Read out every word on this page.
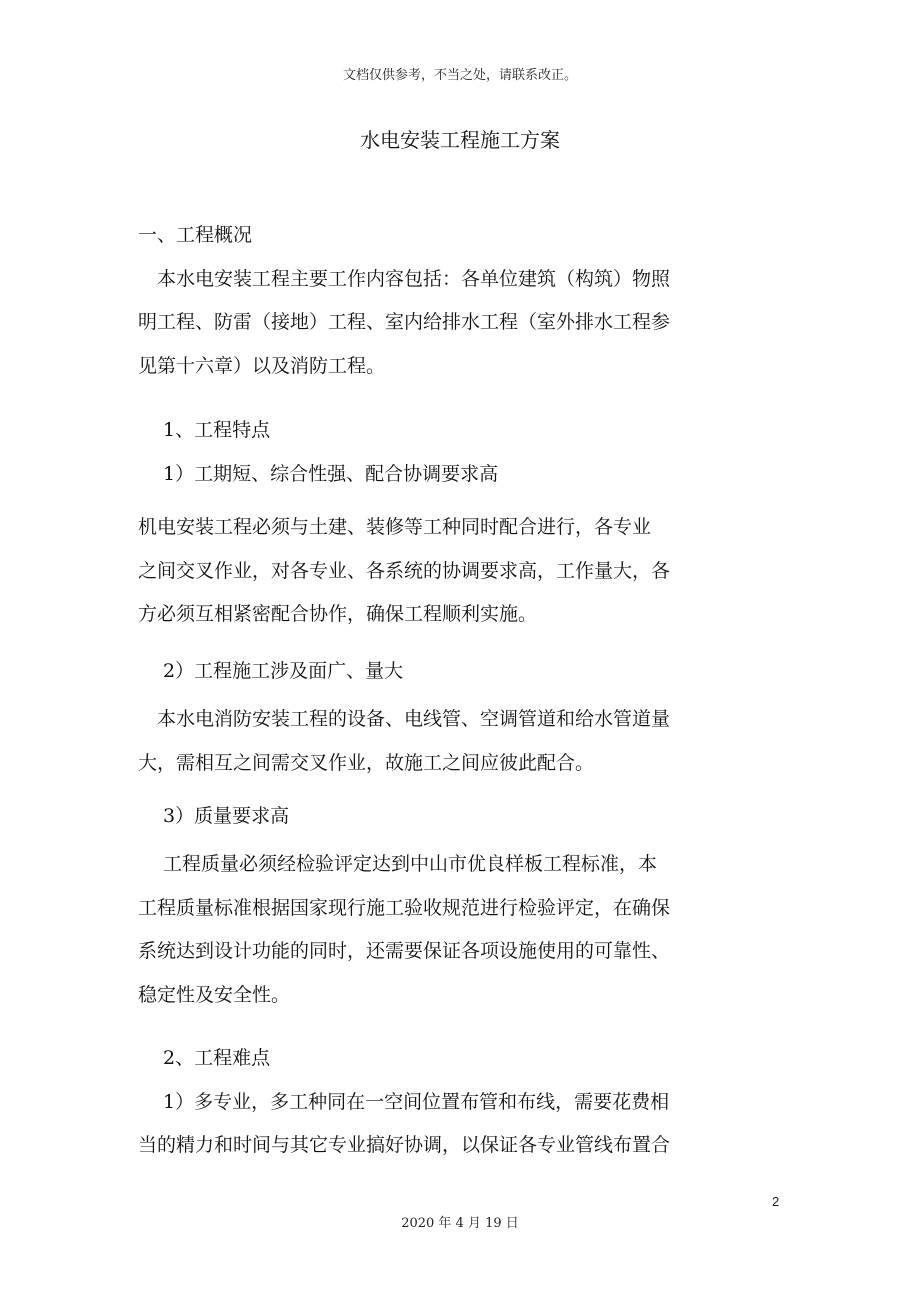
文档仅供参考，不当之处，请联系改正。
水电安装工程施工方案
一、工程概况
　本水电安装工程主要工作内容包括：各单位建筑（构筑）物照
明工程、防雷（接地）工程、室内给排水工程（室外排水工程参
见第十六章）以及消防工程。
　 1、工程特点
　 1）工期短、综合性强、配合协调要求高
机电安装工程必须与土建、装修等工种同时配合进行，各专业
之间交叉作业，对各专业、各系统的协调要求高，工作量大，各
方必须互相紧密配合协作，确保工程顺利实施。
　 2）工程施工涉及面广、量大
　本水电消防安装工程的设备、电线管、空调管道和给水管道量
大，需相互之间需交叉作业，故施工之间应彼此配合。
　 3）质量要求高
　 工程质量必须经检验评定达到中山市优良样板工程标准，本
工程质量标准根据国家现行施工验收规范进行检验评定，在确保
系统达到设计功能的同时，还需要保证各项设施使用的可靠性、
稳定性及安全性。
　 2、工程难点
　 1）多专业，多工种同在一空间位置布管和布线，需要花费相
当的精力和时间与其它专业搞好协调，以保证各专业管线布置合
2
2020 年 4 月 19 日
